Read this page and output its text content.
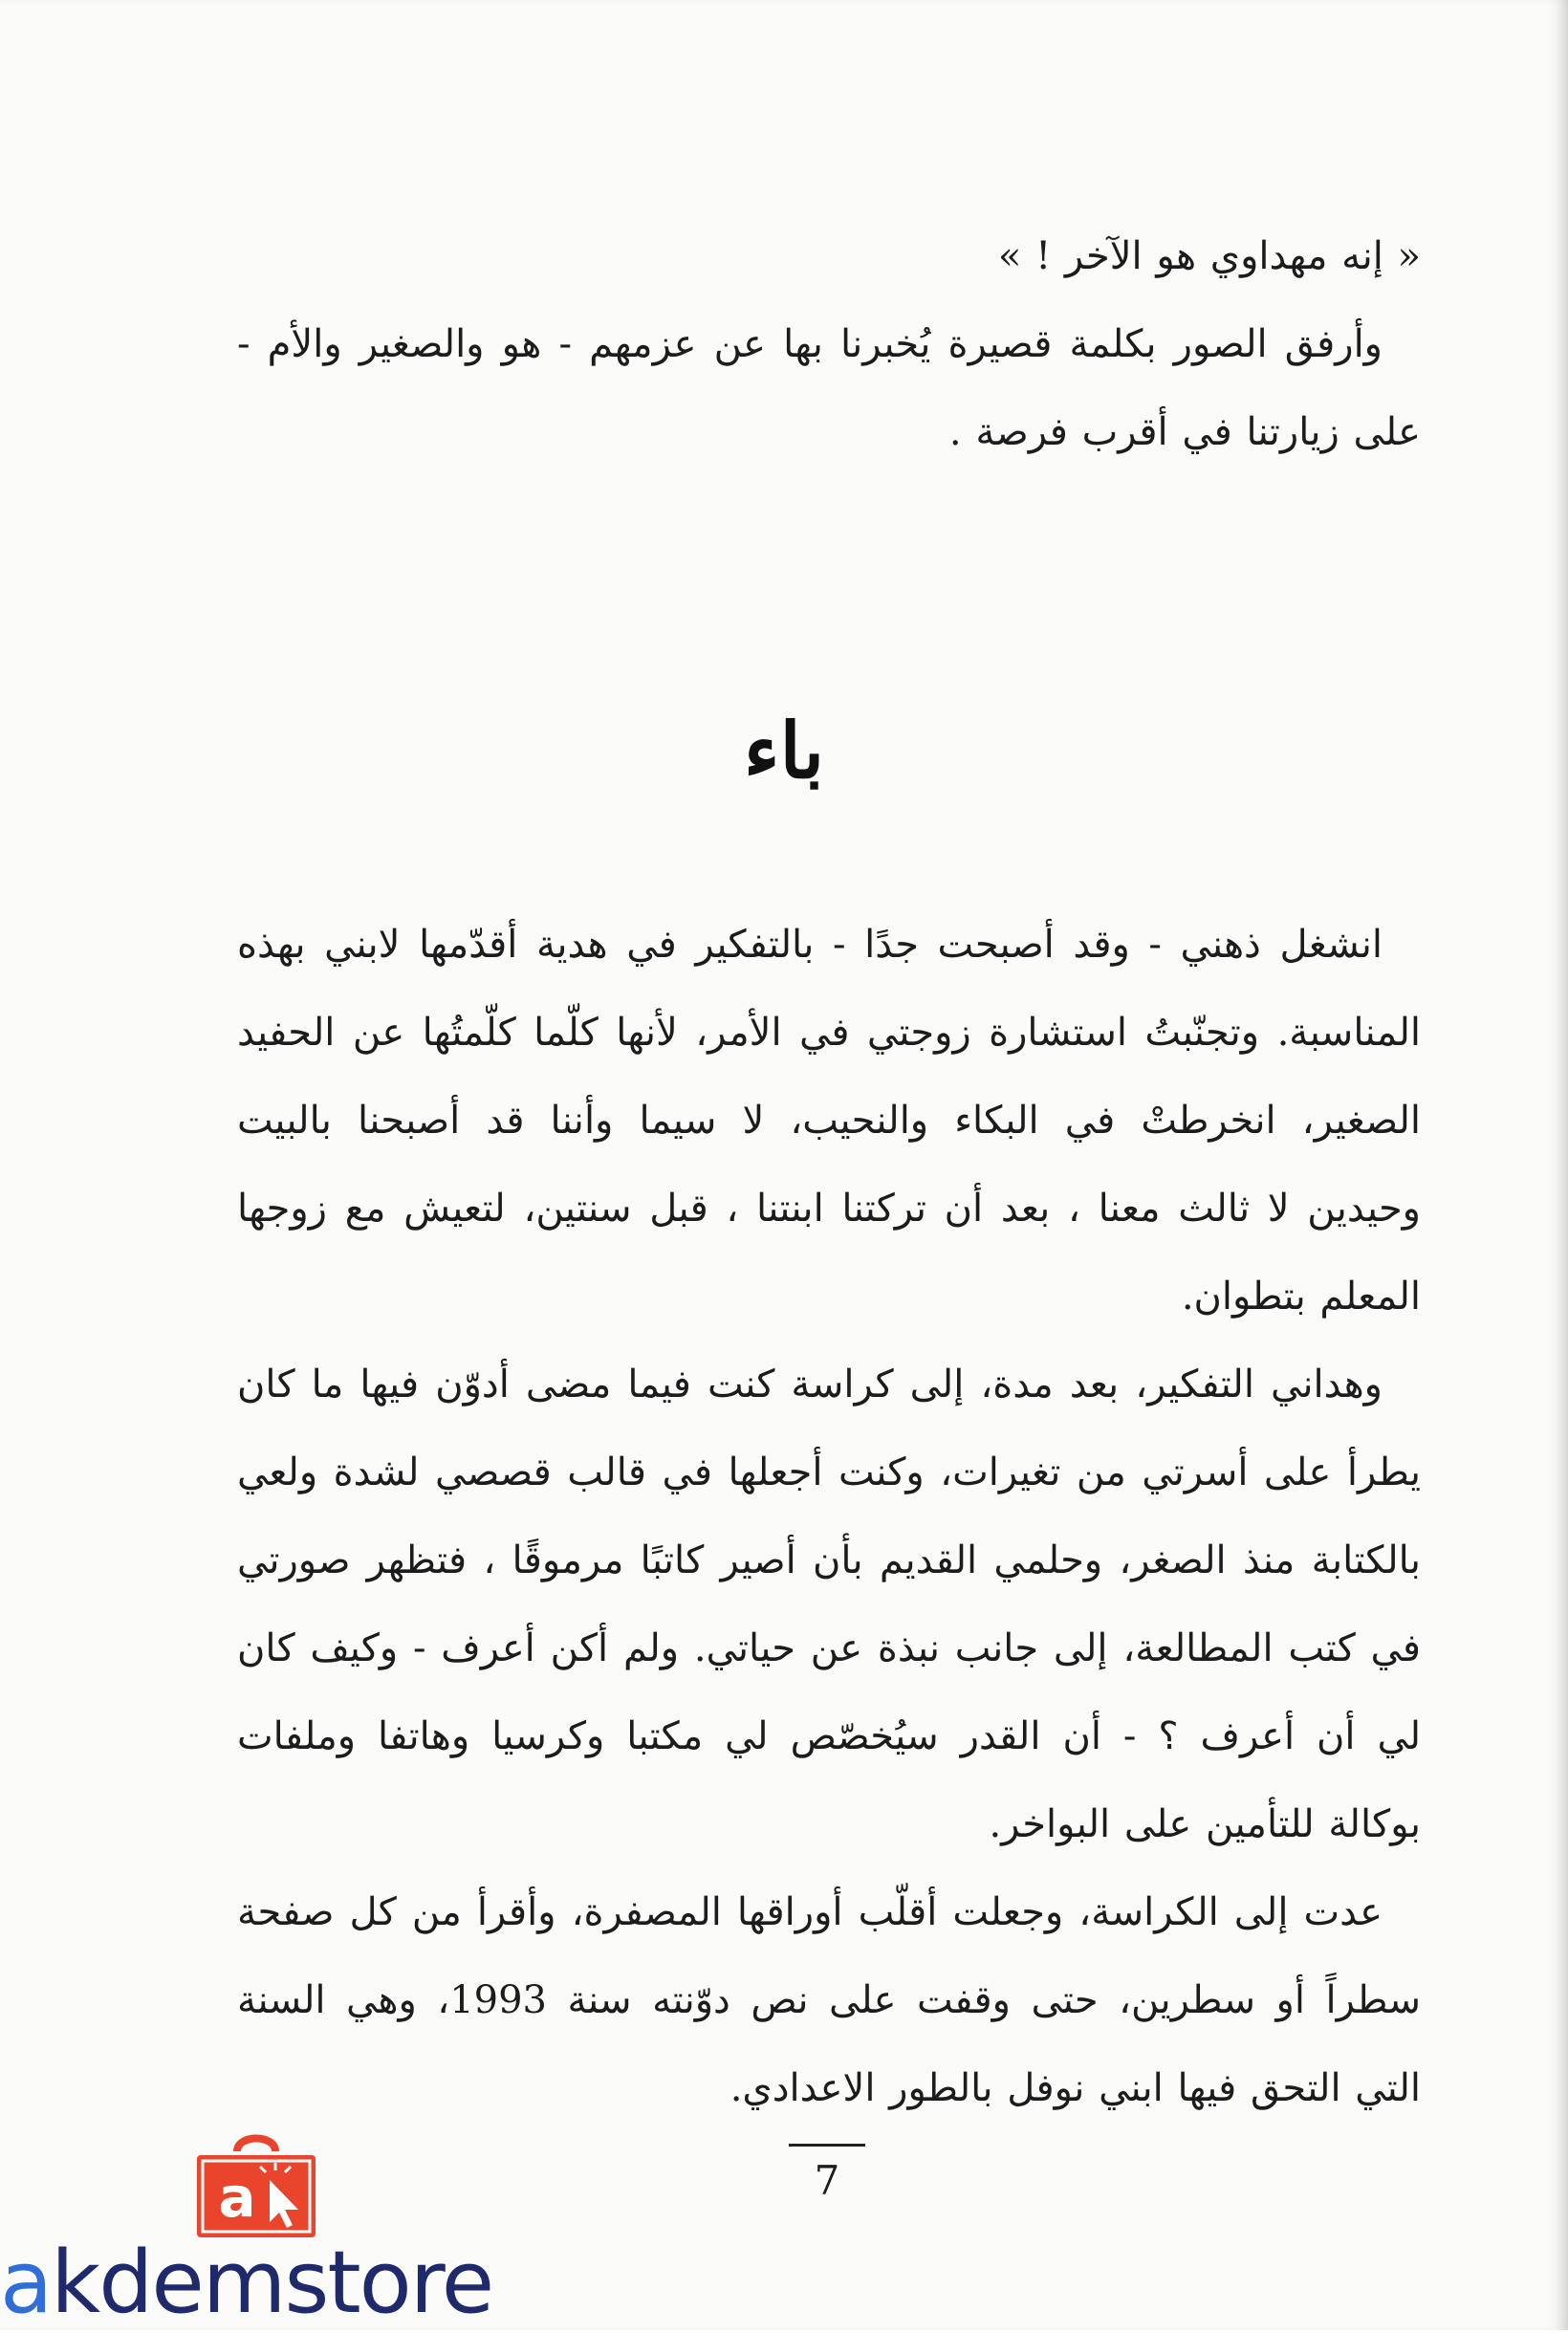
« إنه مهداوي هو الآخر ! »

وأرفق الصور بكلمة قصيرة يُخبرنا بها عن عزمهم - هو والصغير والأم - على زيارتنا في أقرب فرصة .

باء

انشغل ذهني - وقد أصبحت جدًا - بالتفكير في هدية أقدّمها لابني بهذه المناسبة. وتجنّبتُ استشارة زوجتي في الأمر، لأنها كلّما كلّمتُها عن الحفيد الصغير، انخرطتْ في البكاء والنحيب، لا سيما وأننا قد أصبحنا بالبيت وحيدين لا ثالث معنا ، بعد أن تركتنا ابنتنا ، قبل سنتين، لتعيش مع زوجها المعلم بتطوان.

وهداني التفكير، بعد مدة، إلى كراسة كنت فيما مضى أدوّن فيها ما كان يطرأ على أسرتي من تغيرات، وكنت أجعلها في قالب قصصي لشدة ولعي بالكتابة منذ الصغر، وحلمي القديم بأن أصير كاتبًا مرموقًا ، فتظهر صورتي في كتب المطالعة، إلى جانب نبذة عن حياتي. ولم أكن أعرف - وكيف كان لي أن أعرف ؟ - أن القدر سيُخصّص لي مكتبا وكرسيا وهاتفا وملفات بوكالة للتأمين على البواخر.

عدت إلى الكراسة، وجعلت أقلّب أوراقها المصفرة، وأقرأ من كل صفحة سطراً أو سطرين، حتى وقفت على نص دوّنته سنة 1993، وهي السنة التي التحق فيها ابني نوفل بالطور الاعدادي.

7
a
akdemstore
